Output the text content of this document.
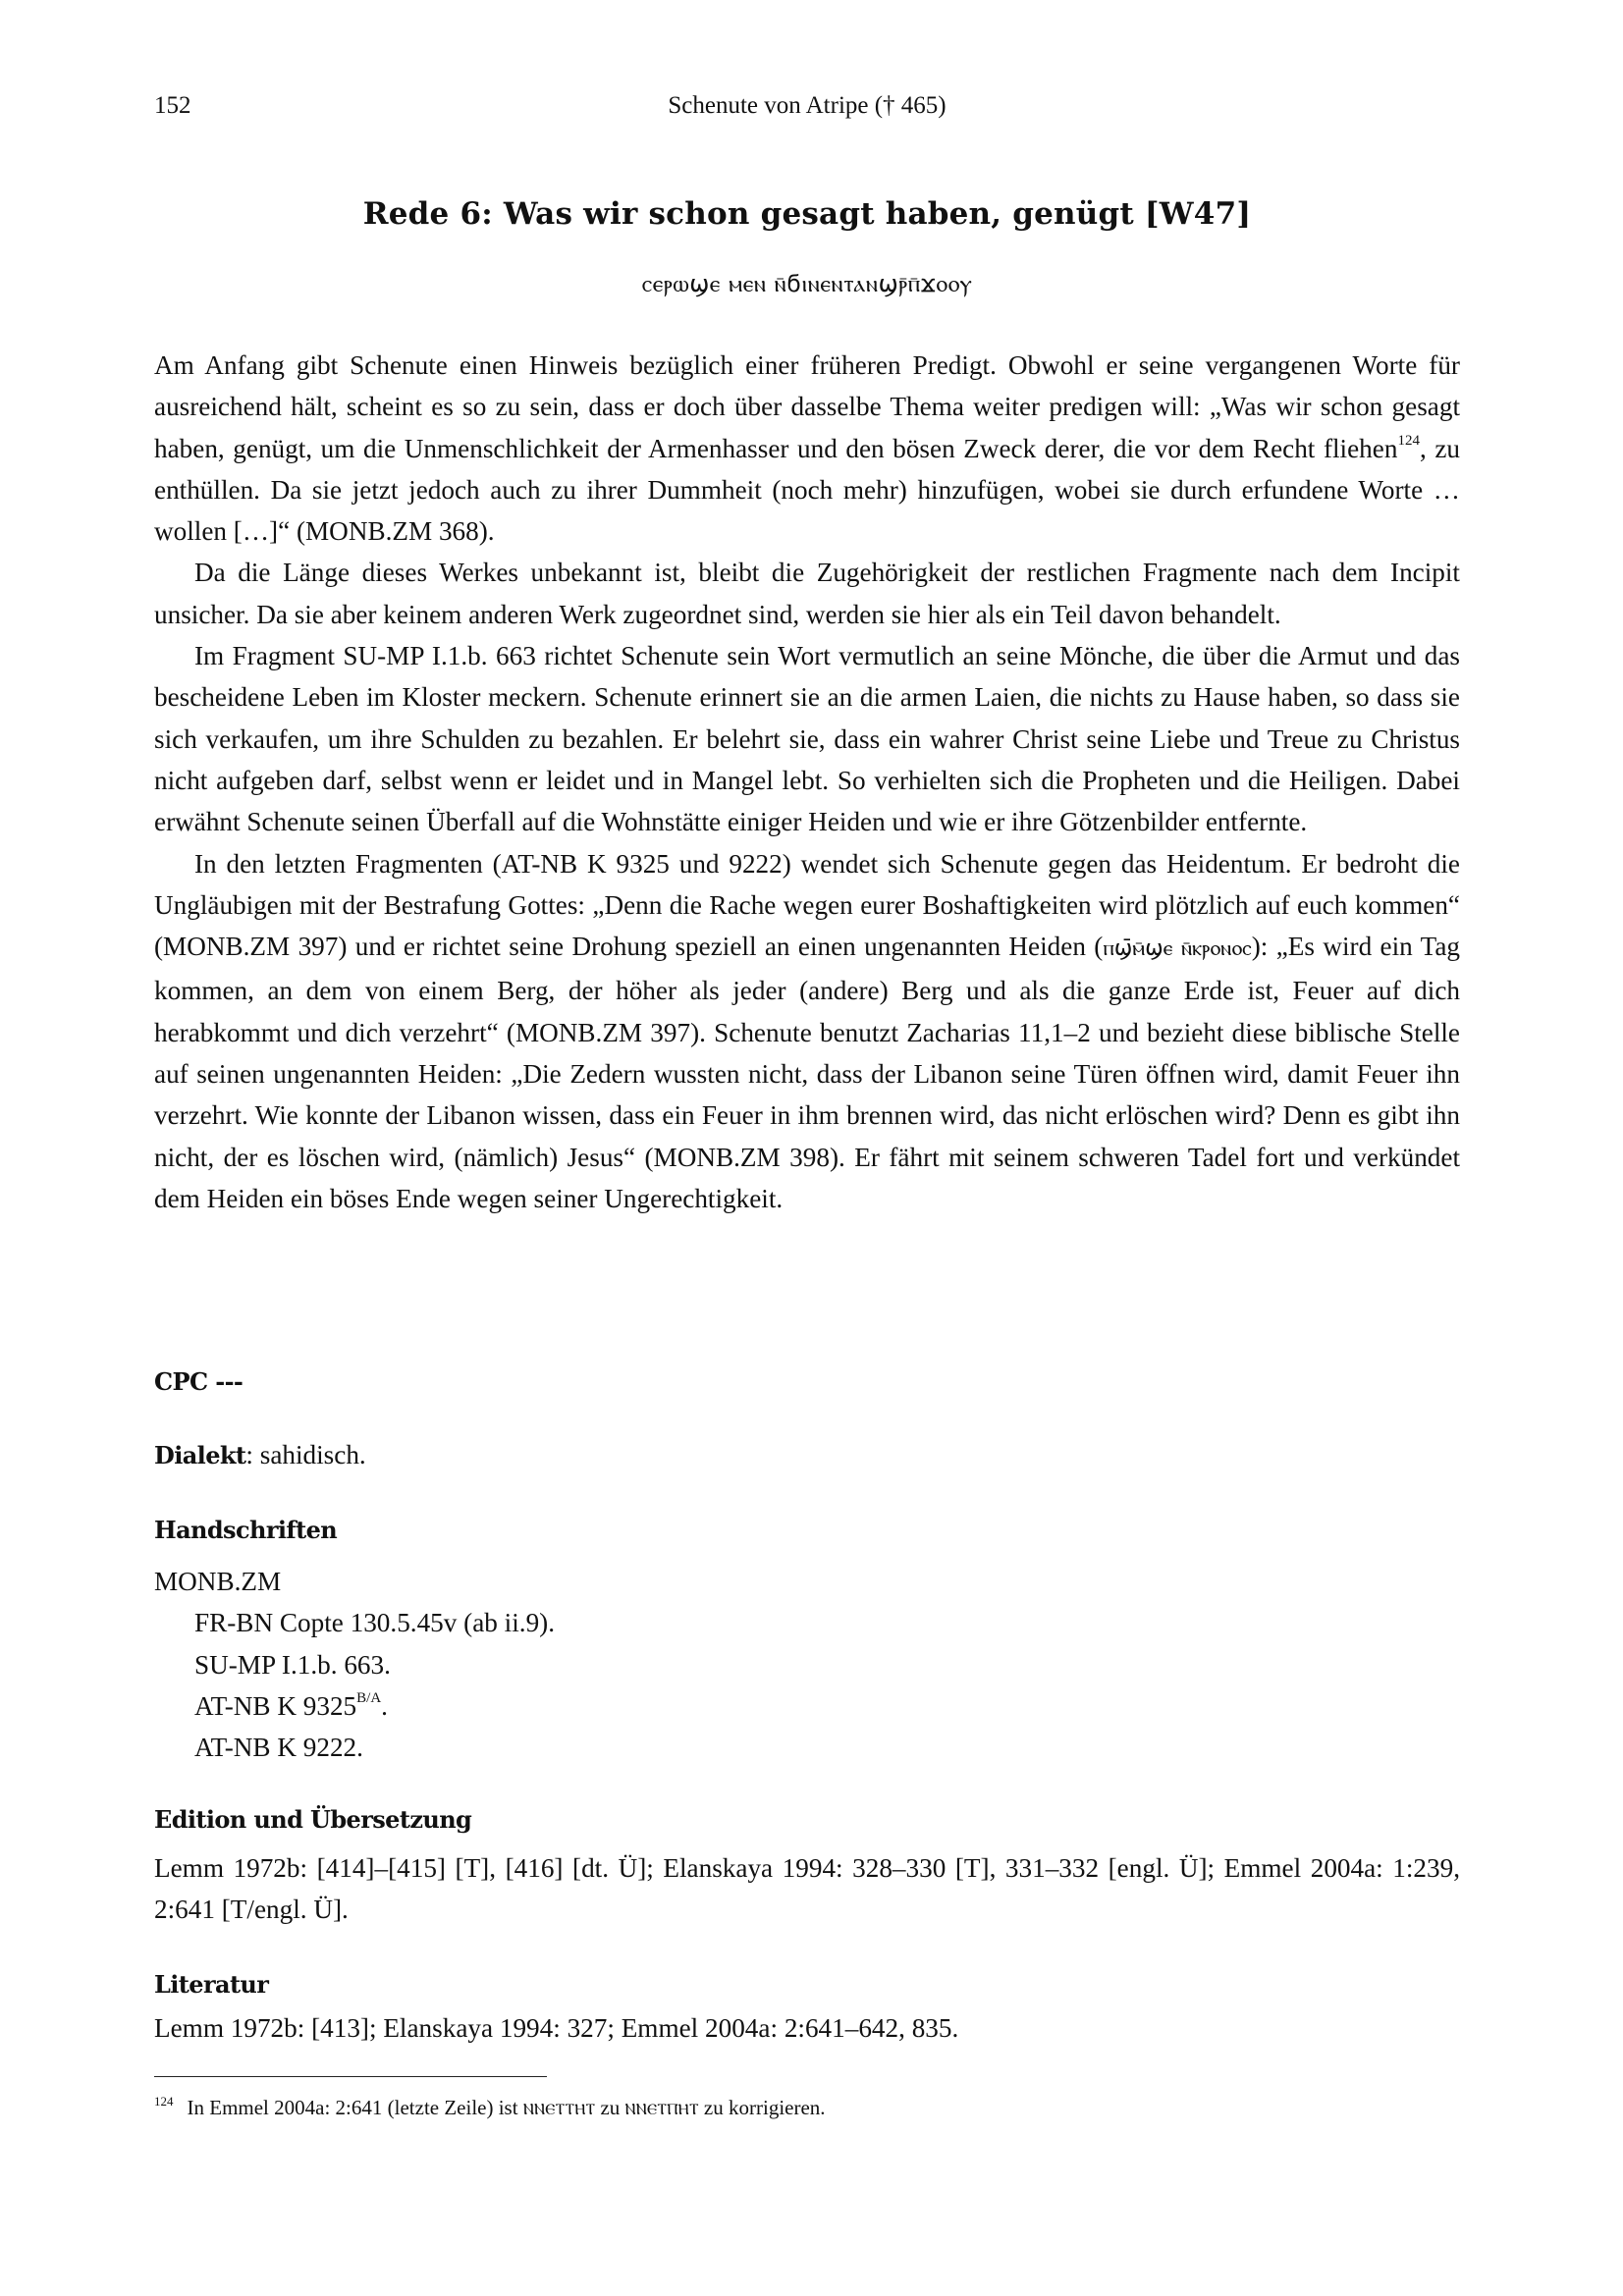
152	Schenute von Atripe († 465)
Rede 6: Was wir schon gesagt haben, genügt [W47]
ⲥⲉⲣⲱϣⲉ ⲙⲉⲛ ⲛ̄ϭⲓⲛⲉⲛⲧⲁⲛϣⲣ̄ⲡ̄ϫⲟⲟⲩ

Am Anfang gibt Schenute einen Hinweis bezüglich einer früheren Predigt. Obwohl er seine vergangenen Worte für ausreichend hält, scheint es so zu sein, dass er doch über dasselbe Thema weiter predigen will: „Was wir schon gesagt haben, genügt, um die Unmenschlichkeit der Armenhasser und den bösen Zweck derer, die vor dem Recht fliehen$^{124}$, zu enthüllen. Da sie jetzt jedoch auch zu ihrer Dummheit (noch mehr) hinzufügen, wobei sie durch erfundene Worte … wollen […]“ (MONB.ZM 368).

Da die Länge dieses Werkes unbekannt ist, bleibt die Zugehörigkeit der restlichen Fragmente nach dem Incipit unsicher. Da sie aber keinem anderen Werk zugeordnet sind, werden sie hier als ein Teil davon behandelt.

Im Fragment SU-MP I.1.b. 663 richtet Schenute sein Wort vermutlich an seine Mönche, die über die Armut und das bescheidene Leben im Kloster meckern. Schenute erinnert sie an die armen Laien, die nichts zu Hause haben, so dass sie sich verkaufen, um ihre Schulden zu bezahlen. Er belehrt sie, dass ein wahrer Christ seine Liebe und Treue zu Christus nicht aufgeben darf, selbst wenn er leidet und in Mangel lebt. So verhielten sich die Propheten und die Heiligen. Dabei erwähnt Schenute seinen Überfall auf die Wohnstätte einiger Heiden und wie er ihre Götzenbilder entfernte.

In den letzten Fragmenten (AT-NB K 9325 und 9222) wendet sich Schenute gegen das Heidentum. Er bedroht die Ungläubigen mit der Bestrafung Gottes: „Denn die Rache wegen eurer Boshaftigkeiten wird plötzlich auf euch kommen“ (MONB.ZM 397) und er richtet seine Drohung speziell an einen ungenannten Heiden (ⲡϣ̄ⲙ̄ϣⲉ ⲛ̄ⲕⲣⲟⲛⲟⲥ): „Es wird ein Tag kommen, an dem von einem Berg, der höher als jeder (andere) Berg und als die ganze Erde ist, Feuer auf dich herabkommt und dich verzehrt“ (MONB.ZM 397). Schenute benutzt Zacharias 11,1–2 und bezieht diese biblische Stelle auf seinen ungenannten Heiden: „Die Zedern wussten nicht, dass der Libanon seine Türen öffnen wird, damit Feuer ihn verzehrt. Wie konnte der Libanon wissen, dass ein Feuer in ihm brennen wird, das nicht erlöschen wird? Denn es gibt ihn nicht, der es löschen wird, (nämlich) Jesus“ (MONB.ZM 398). Er fährt mit seinem schweren Tadel fort und verkündet dem Heiden ein böses Ende wegen seiner Ungerechtigkeit.

CPC ---
Dialekt: sahidisch.
Handschriften
MONB.ZM
FR-BN Copte 130.5.45v (ab ii.9).
SU-MP I.1.b. 663.
AT-NB K $9325^{B/A}$.
AT-NB K 9222.
Edition und Übersetzung
Lemm 1972b: [414]–[415] [T], [416] [dt. Ü]; Elanskaya 1994: 328–330 [T], 331–332 [engl. Ü]; Emmel 2004a: 1:239, 2:641 [T/engl. Ü].
Literatur
Lemm 1972b: [413]; Elanskaya 1994: 327; Emmel 2004a: 2:641–642, 835.
$^{124}$ In Emmel 2004a: 2:641 (letzte Zeile) ist ⲚⲚⲈⲦⲦⲎⲦ zu ⲚⲚⲈⲦⲠⲎⲦ zu korrigieren.
